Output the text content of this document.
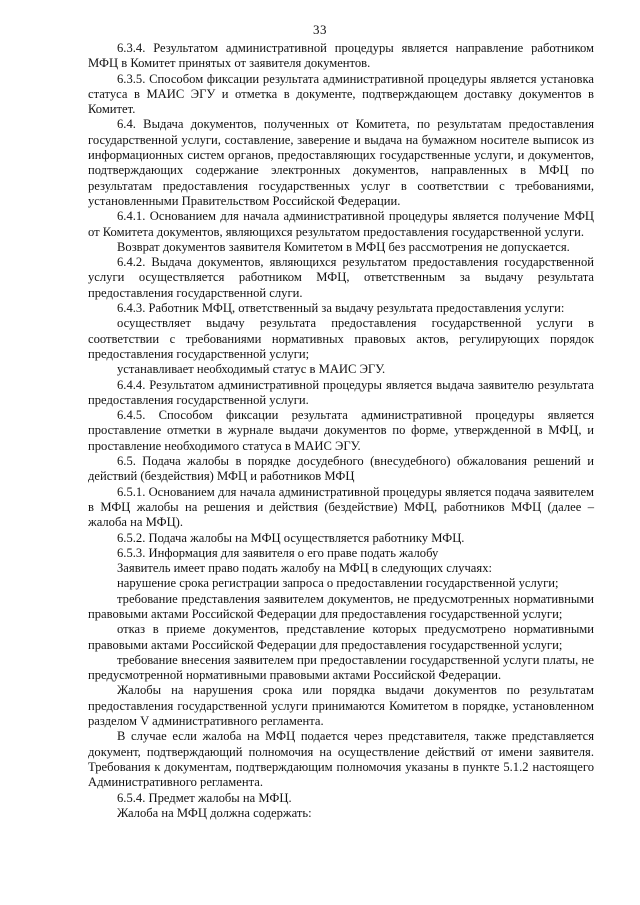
33

6.3.4. Результатом административной процедуры является направление работником МФЦ в Комитет принятых от заявителя документов.

6.3.5. Способом фиксации результата административной процедуры является установка статуса в МАИС ЭГУ и отметка в документе, подтверждающем доставку документов в Комитет.

6.4. Выдача документов, полученных от Комитета, по результатам предоставления государственной услуги, составление, заверение и выдача на бумажном носителе выписок из информационных систем органов, предоставляющих государственные услуги, и документов, подтверждающих содержание электронных документов, направленных в МФЦ по результатам предоставления государственных услуг в соответствии с требованиями, установленными Правительством Российской Федерации.

6.4.1. Основанием для начала административной процедуры является получение МФЦ от Комитета документов, являющихся результатом предоставления государственной услуги.

Возврат документов заявителя Комитетом в МФЦ без рассмотрения не допускается.

6.4.2. Выдача документов, являющихся результатом предоставления государственной услуги осуществляется работником МФЦ, ответственным за выдачу результата предоставления государственной слуги.

6.4.3. Работник МФЦ, ответственный за выдачу результата предоставления услуги:

осуществляет выдачу результата предоставления государственной услуги в соответствии с требованиями нормативных правовых актов, регулирующих порядок предоставления государственной услуги;

устанавливает необходимый статус в МАИС ЭГУ.

6.4.4. Результатом административной процедуры является выдача заявителю результата предоставления государственной услуги.

6.4.5. Способом фиксации результата административной процедуры является проставление отметки в журнале выдачи документов по форме, утвержденной в МФЦ, и проставление необходимого статуса в МАИС ЭГУ.

6.5. Подача жалобы в порядке досудебного (внесудебного) обжалования решений и действий (бездействия) МФЦ и работников МФЦ

6.5.1. Основанием для начала административной процедуры является подача заявителем в МФЦ жалобы на решения и действия (бездействие) МФЦ, работников МФЦ (далее – жалоба на МФЦ).

6.5.2. Подача жалобы на МФЦ осуществляется работнику МФЦ.

6.5.3. Информация для заявителя о его праве подать жалобу

Заявитель имеет право подать жалобу на МФЦ в следующих случаях:

нарушение срока регистрации запроса о предоставлении государственной услуги;

требование представления заявителем документов, не предусмотренных нормативными правовыми актами Российской Федерации для предоставления государственной услуги;

отказ в приеме документов, представление которых предусмотрено нормативными правовыми актами Российской Федерации для предоставления государственной услуги;

требование внесения заявителем при предоставлении государственной услуги платы, не предусмотренной нормативными правовыми актами Российской Федерации.

Жалобы на нарушения срока или порядка выдачи документов по результатам предоставления государственной услуги принимаются Комитетом в порядке, установленном разделом V административного регламента.

В случае если жалоба на МФЦ подается через представителя, также представляется документ, подтверждающий полномочия на осуществление действий от имени заявителя. Требования к документам, подтверждающим полномочия указаны в пункте 5.1.2 настоящего Административного регламента.

6.5.4. Предмет жалобы на МФЦ.

Жалоба на МФЦ должна содержать:
